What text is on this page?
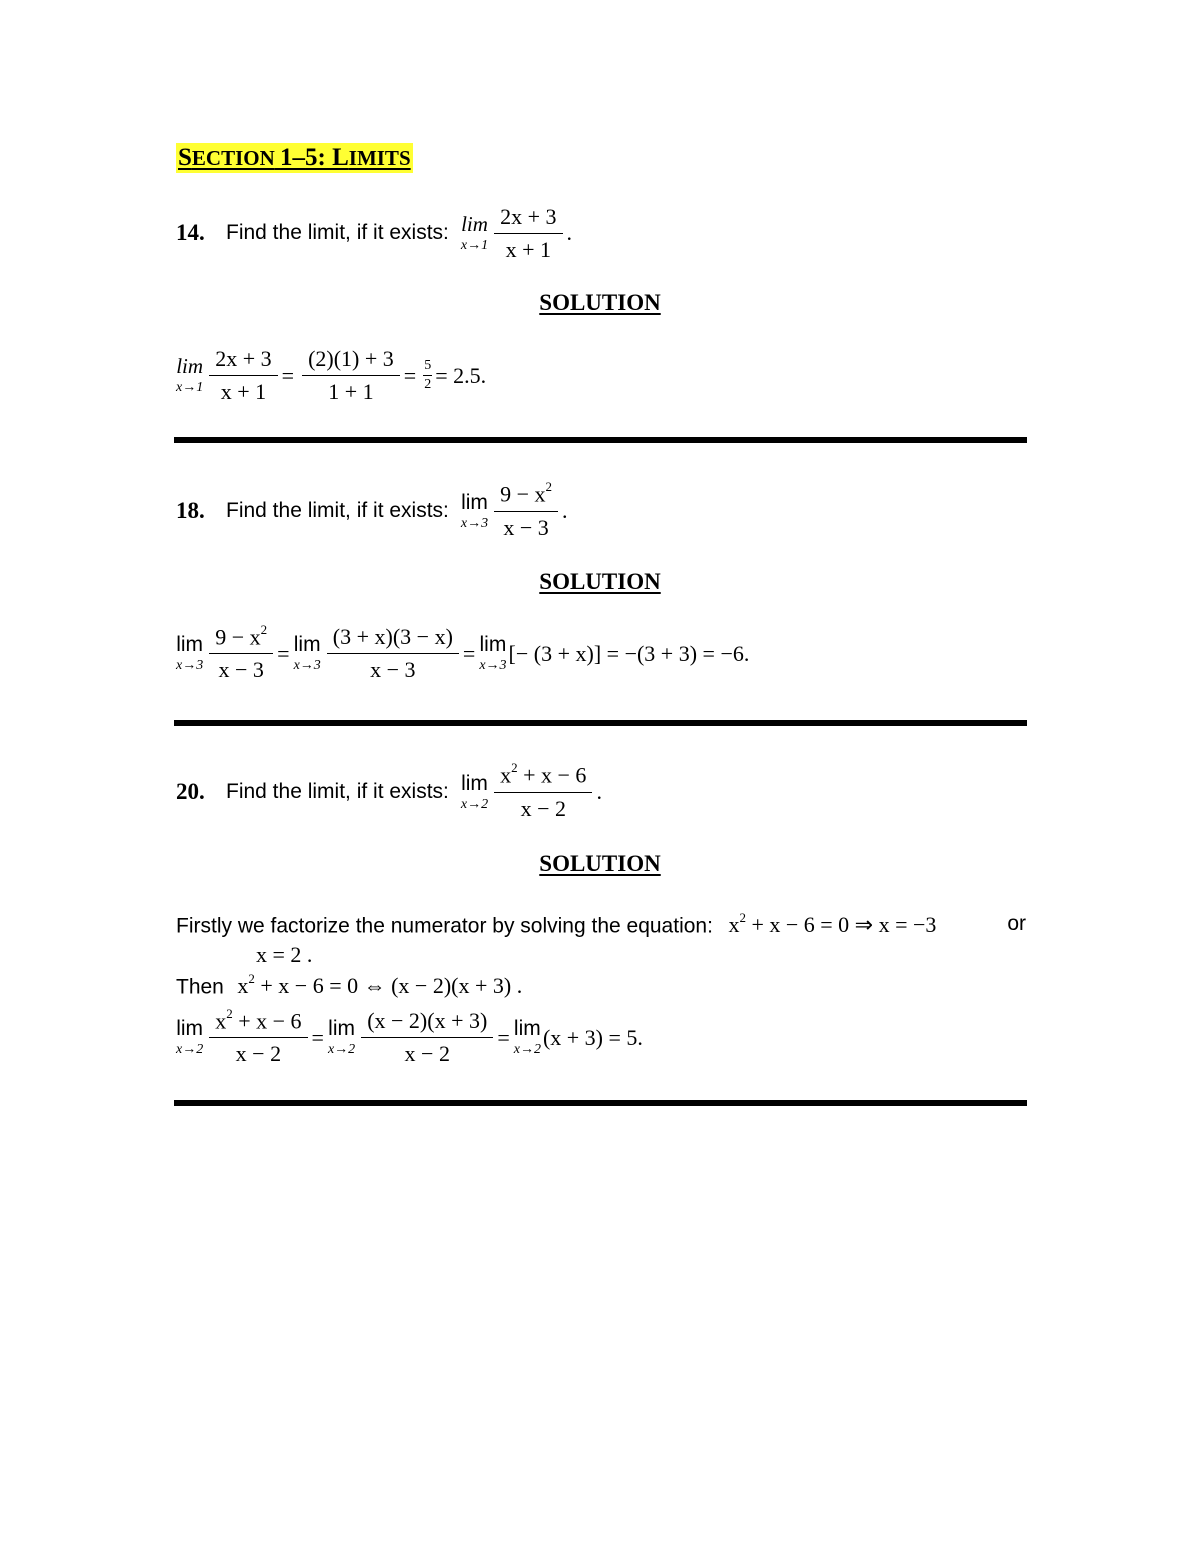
SECTION 1–5: LIMITS
14.	Find the limit, if it exists: lim
$x\to 1 \frac{2x + 3}{x + 1}$ .
SOLUTION
lim
$x\to 1 \frac{2x + 3}{x + 1} = \frac{(2)(1) + 3}{1 + 1} = \frac{5}{2} = 2.5$.
18.	Find the limit, if it exists: lim
$x\to 3 \frac{9 - x^2}{x - 3}$ .
SOLUTION
lim
$x\to 3 \frac{9 - x^2}{x - 3} = \lim$
$x\to 3 \frac{(3 + x)(3 - x)}{x - 3} = \lim$
x→3 [− (3 + x)] = −(3 + 3) = −6.
20.	Find the limit, if it exists: lim
$x\to 2 \frac{x^2 + x - 6}{x - 2}$ .
SOLUTION
Firstly we factorize the numerator by solving the equation: $x^2 + x - 6 = 0$ ⇒ x = −3	or
x = 2 .
Then $x^2 + x - 6 = 0$ ⇔ (x − 2)(x + 3) .
lim
$x\to 2 \frac{x^2 + x - 6}{x - 2} = \lim$
$x\to 2 \frac{(x - 2)(x + 3)}{x - 2} = \lim$
x→2 (x + 3) = 5.
